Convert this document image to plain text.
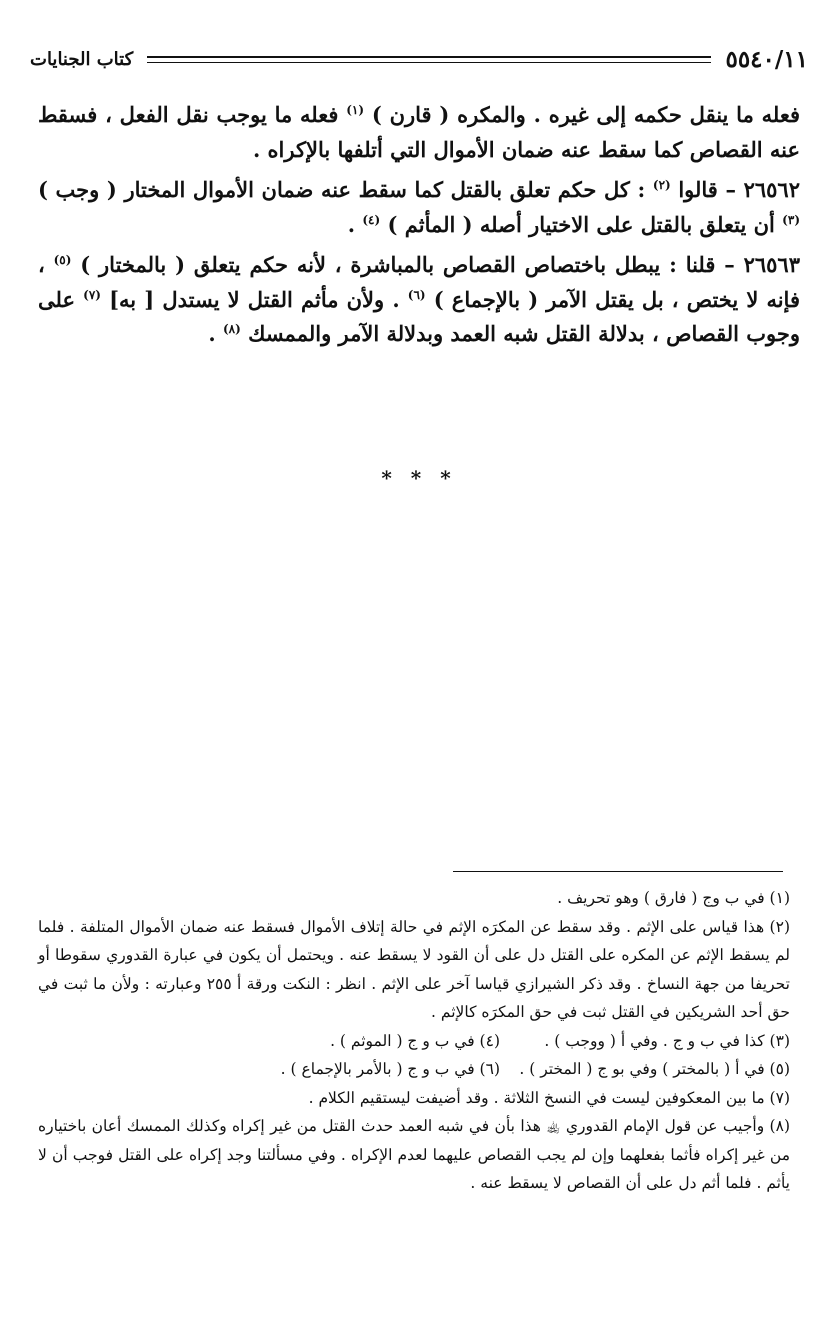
٥٥٤٠/١١
كتاب الجنايات

فعله ما ينقل حكمه إلى غيره . والمكره ( قارن ) $^{(١)}$ فعله ما يوجب نقل الفعل ، فسقط عنه القصاص كما سقط عنه ضمان الأموال التي أتلفها بالإكراه .

٢٦٥٦٢ – قالوا $^{(٢)}$ : كل حكم تعلق بالقتل كما سقط عنه ضمان الأموال المختار ( وجب ) $^{(٣)}$ أن يتعلق بالقتل على الاختيار أصله ( المأثم ) $^{(٤)}$ .

٢٦٥٦٣ – قلنا : يبطل باختصاص القصاص بالمباشرة ، لأنه حكم يتعلق ( بالمختار ) $^{(٥)}$ ، فإنه لا يختص ، بل يقتل الآمر ( بالإجماع ) $^{(٦)}$ . ولأن مأثم القتل لا يستدل [ به] $^{(٧)}$ على وجوب القصاص ، بدلالة القتل شبه العمد وبدلالة الآمر والممسك $^{(٨)}$ .

* * *

(١) في ب وج ( فارق ) وهو تحريف .

(٢) هذا قياس على الإثم . وقد سقط عن المكرَه الإثم في حالة إتلاف الأموال فسقط عنه ضمان الأموال المتلفة . فلما لم يسقط الإثم عن المكره على القتل دل على أن القود لا يسقط عنه . ويحتمل أن يكون في عبارة القدوري سقوطا أو تحريفا من جهة النساخ . وقد ذكر الشيرازي قياسا آخر على الإثم . انظر : النكت ورقة أ ٢٥٥ وعبارته : ولأن ما ثبت في حق أحد الشريكين في القتل ثبت في حق المكرَه كالإثم .

(٣) كذا في ب و ج . وفي أ ( ووجب ) .

(٤) في ب و ج ( الموثم ) .

(٥) في أ ( بالمختر ) وفي بو ج ( المختر ) .

(٦) في ب و ج ( بالأمر بالإجماع ) .

(٧) ما بين المعكوفين ليست في النسخ الثلاثة . وقد أضيفت ليستقيم الكلام .

(٨) وأجيب عن قول الإمام القدوري ﵀ هذا بأن في شبه العمد حدث القتل من غير إكراه وكذلك الممسك أعان باختياره من غير إكراه فأثما بفعلهما وإن لم يجب القصاص عليهما لعدم الإكراه . وفي مسألتنا وجد إكراه على القتل فوجب أن لا يأثم . فلما أثم دل على أن القصاص لا يسقط عنه .
